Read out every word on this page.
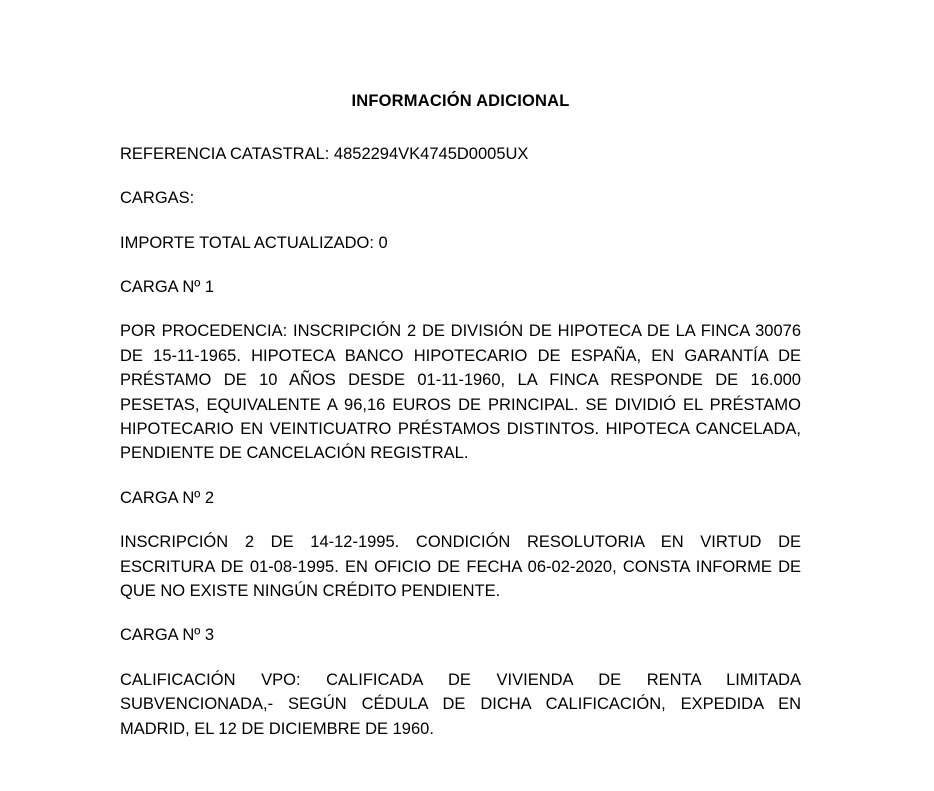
INFORMACIÓN ADICIONAL

REFERENCIA CATASTRAL: 4852294VK4745D0005UX

CARGAS:

IMPORTE TOTAL ACTUALIZADO: 0

CARGA Nº 1

POR PROCEDENCIA: INSCRIPCIÓN 2 DE DIVISIÓN DE HIPOTECA DE LA FINCA 30076 DE 15-11-1965. HIPOTECA BANCO HIPOTECARIO DE ESPAÑA, EN GARANTÍA DE PRÉSTAMO DE 10 AÑOS DESDE 01-11-1960, LA FINCA RESPONDE DE 16.000 PESETAS, EQUIVALENTE A 96,16 EUROS DE PRINCIPAL. SE DIVIDIÓ EL PRÉSTAMO HIPOTECARIO EN VEINTICUATRO PRÉSTAMOS DISTINTOS. HIPOTECA CANCELADA, PENDIENTE DE CANCELACIÓN REGISTRAL.

CARGA Nº 2

INSCRIPCIÓN 2 DE 14-12-1995. CONDICIÓN RESOLUTORIA EN VIRTUD DE ESCRITURA DE 01-08-1995. EN OFICIO DE FECHA 06-02-2020, CONSTA INFORME DE QUE NO EXISTE NINGÚN CRÉDITO PENDIENTE.

CARGA Nº 3

CALIFICACIÓN VPO: CALIFICADA DE VIVIENDA DE RENTA LIMITADA SUBVENCIONADA,- SEGÚN CÉDULA DE DICHA CALIFICACIÓN, EXPEDIDA EN MADRID, EL 12 DE DICIEMBRE DE 1960.
